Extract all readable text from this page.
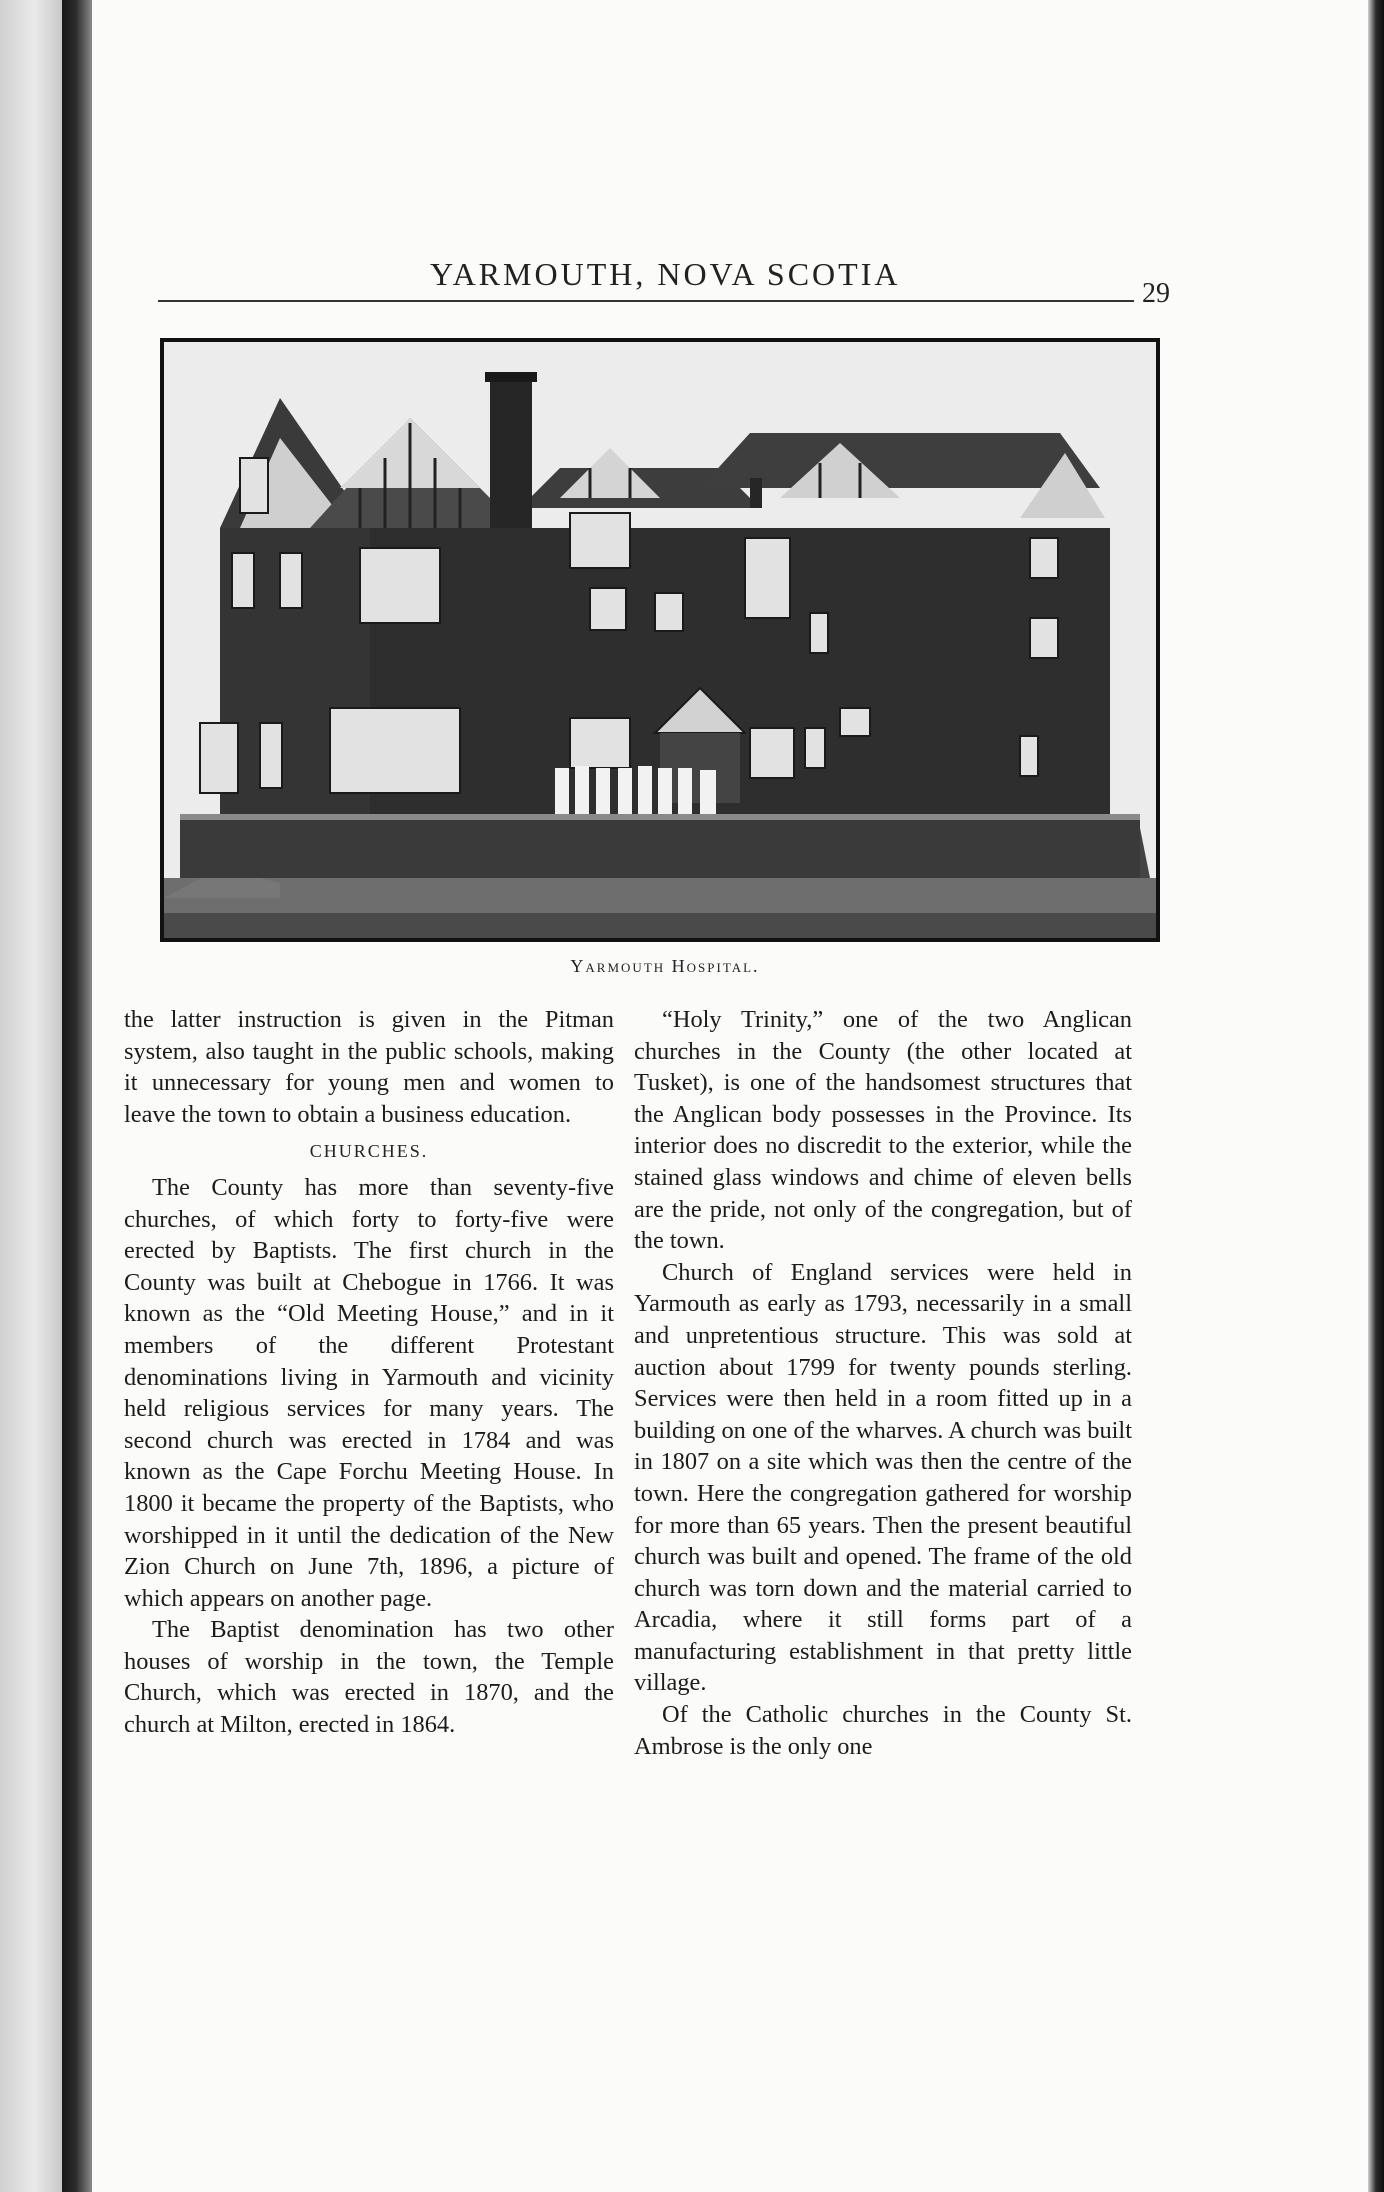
YARMOUTH, NOVA SCOTIA
29
Yarmouth Hospital.

the latter instruction is given in the Pitman system, also taught in the public schools, making it unnecessary for young men and women to leave the town to obtain a business education.

CHURCHES.

The County has more than seventy-five churches, of which forty to forty-five were erected by Baptists. The first church in the County was built at Chebogue in 1766. It was known as the “Old Meeting House,” and in it members of the different Protestant denominations living in Yarmouth and vicinity held religious services for many years. The second church was erected in 1784 and was known as the Cape Forchu Meeting House. In 1800 it became the property of the Baptists, who worshipped in it until the dedication of the New Zion Church on June 7th, 1896, a picture of which appears on another page.

The Baptist denomination has two other houses of worship in the town, the Temple Church, which was erected in 1870, and the church at Milton, erected in 1864.

“Holy Trinity,” one of the two Anglican churches in the County (the other located at Tusket), is one of the handsomest structures that the Anglican body possesses in the Province. Its interior does no discredit to the exterior, while the stained glass windows and chime of eleven bells are the pride, not only of the congregation, but of the town.

Church of England services were held in Yarmouth as early as 1793, necessarily in a small and unpretentious structure. This was sold at auction about 1799 for twenty pounds sterling. Services were then held in a room fitted up in a building on one of the wharves. A church was built in 1807 on a site which was then the centre of the town. Here the congregation gathered for worship for more than 65 years. Then the present beautiful church was built and opened. The frame of the old church was torn down and the material carried to Arcadia, where it still forms part of a manufacturing establishment in that pretty little village.

Of the Catholic churches in the County St. Ambrose is the only one
